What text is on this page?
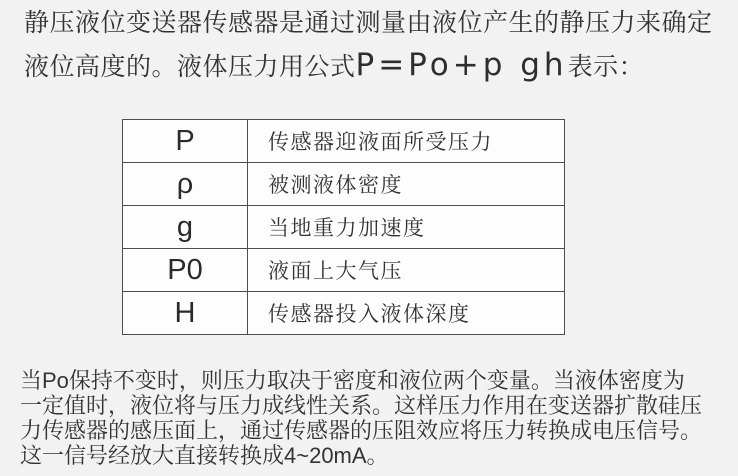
静压液位变送器传感器是通过测量由液位产生的静压力来确定
液位高度的。液体压力用公式P=Po+p gh表示：
P	传感器迎液面所受压力
ρ	被测液体密度
g	当地重力加速度
P0	液面上大气压
H	传感器投入液体深度
当Po保持不变时，则压力取决于密度和液位两个变量。当液体密度为
一定值时，液位将与压力成线性关系。这样压力作用在变送器扩散硅压
力传感器的感压面上，通过传感器的压阻效应将压力转换成电压信号。
这一信号经放大直接转换成4~20mA。
